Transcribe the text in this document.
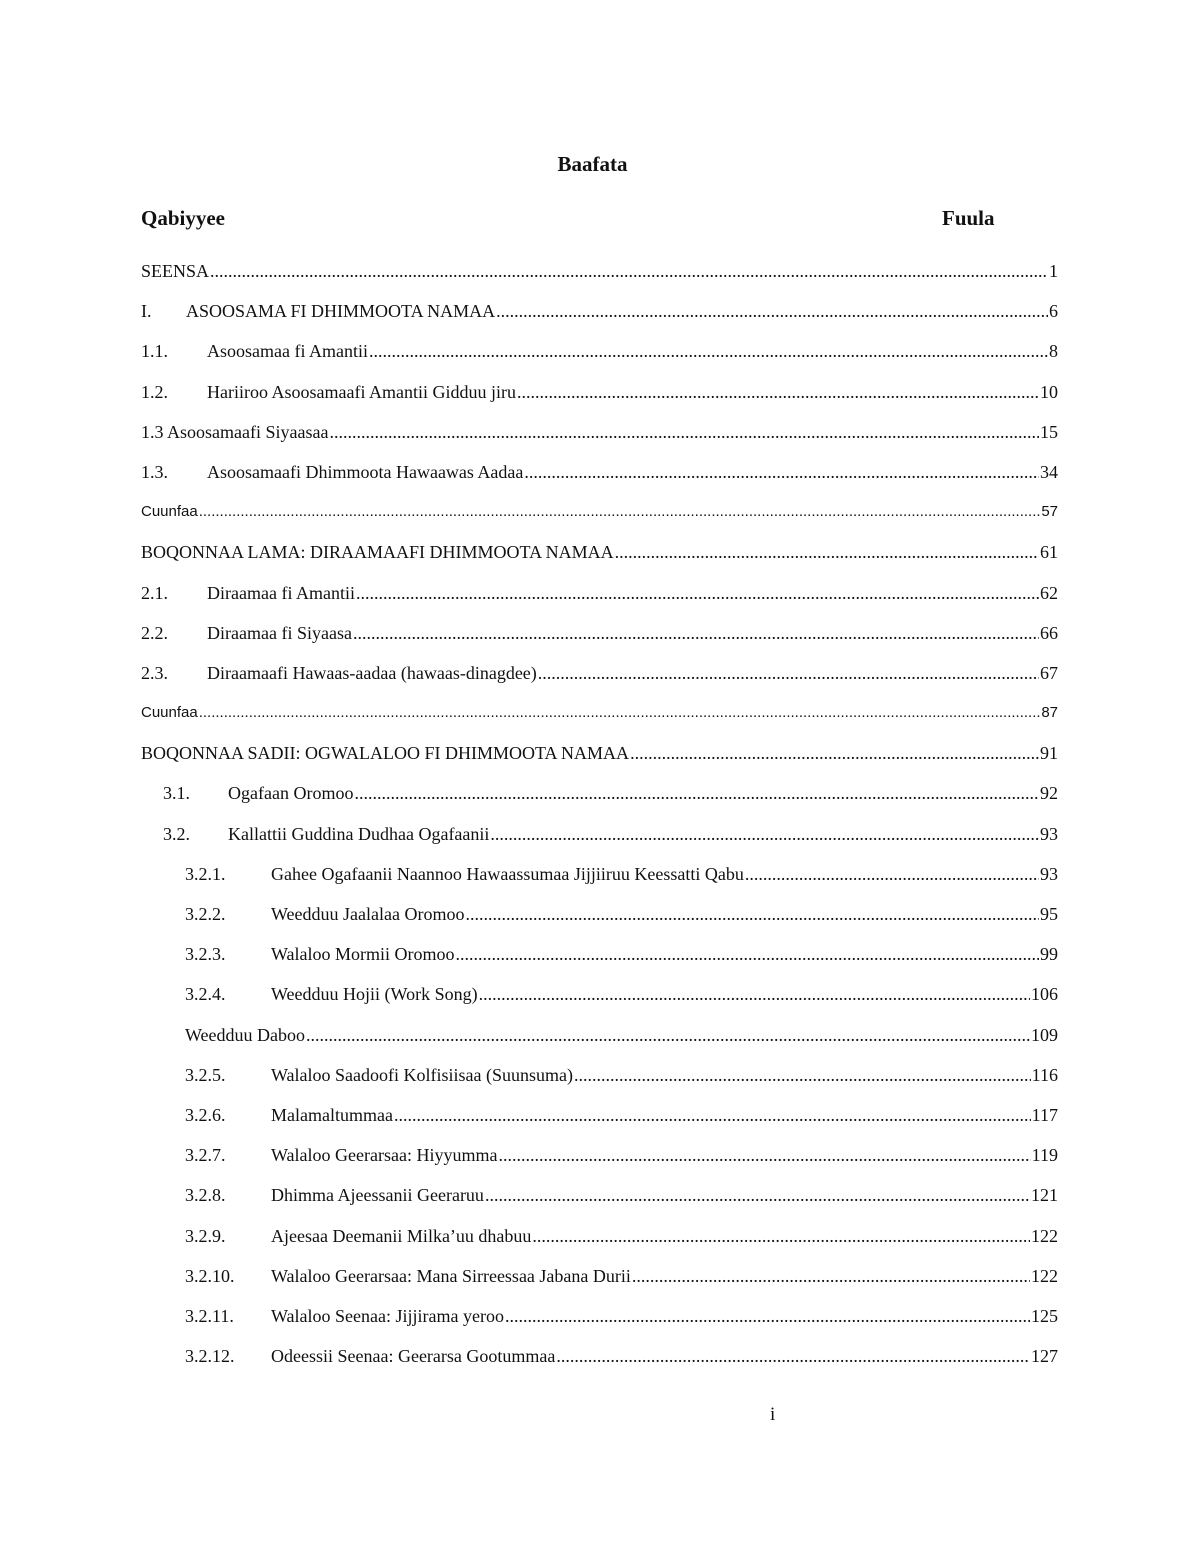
Baafata
Qabiyyee	Fuula
SEENSA .....	1
I.	ASOOSAMA FI DHIMMOOTA NAMAA .....	6
1.1.	Asoosamaa fi Amantii .....	8
1.2.	Hariiroo Asoosamaafi Amantii Gidduu jiru .....	10
1.3 Asoosamaafi Siyaasaa .....	15
1.3.	Asoosamaafi Dhimmoota Hawaawas Aadaa .....	34
Cuunfaa .....	57
BOQONNAA LAMA: DIRAAMAAFI DHIMMOOTA NAMAA .....	61
2.1.	Diraamaa fi Amantii .....	62
2.2.	Diraamaa fi Siyaasa .....	66
2.3.	Diraamaafi Hawaas-aadaa (hawaas-dinagdee) .....	67
Cuunfaa .....	87
BOQONNAA SADII: OGWALALOO FI DHIMMOOTA NAMAA .....	91
3.1.	Ogafaan Oromoo .....	92
3.2.	Kallattii Guddina Dudhaa Ogafaanii .....	93
3.2.1.	Gahee Ogafaanii Naannoo Hawaassumaa Jijjiiruu Keessatti Qabu .....	93
3.2.2.	Weedduu Jaalalaa Oromoo .....	95
3.2.3.	Walaloo Mormii Oromoo .....	99
3.2.4.	Weedduu Hojii (Work Song) .....	106
Weedduu Daboo .....	109
3.2.5.	Walaloo Saadoofi Kolfisiisaa (Suunsuma) .....	116
3.2.6.	Malamaltummaa .....	117
3.2.7.	Walaloo Geerarsaa: Hiyyumma .....	119
3.2.8.	Dhimma Ajeessanii Geeraruu .....	121
3.2.9.	Ajeesaa Deemanii Milka’uu dhabuu .....	122
3.2.10.	Walaloo Geerarsaa: Mana Sirreessaa Jabana Durii .....	122
3.2.11.	Walaloo Seenaa: Jijjirama yeroo .....	125
3.2.12.	Odeessii Seenaa: Geerarsa Gootummaa .....	127
i
